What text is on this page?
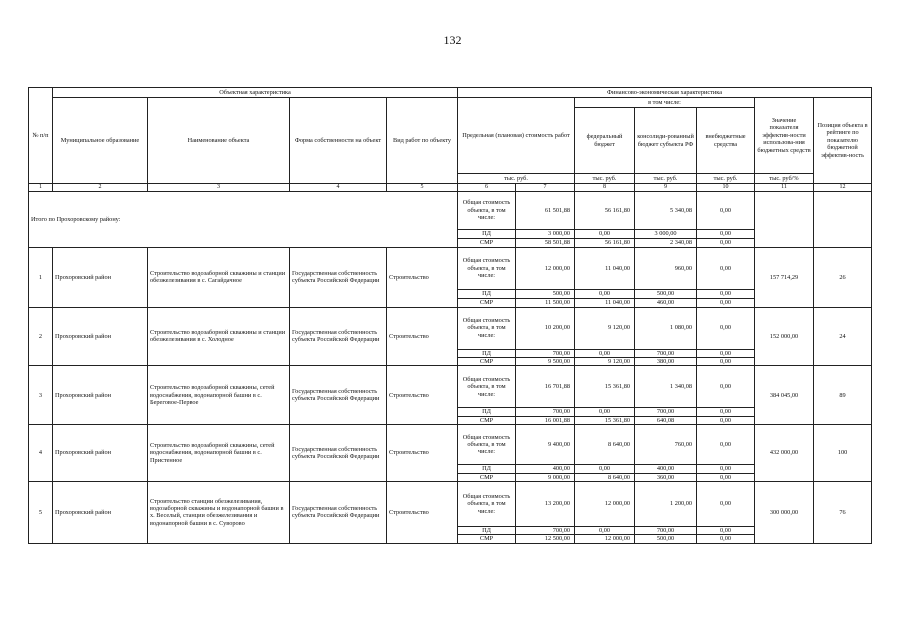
132
№ п/п	Объектная характеристика				Финансово-экономическая характеристика						
	Муниципальное образование	Наименование объекта	Форма собственности на объект	Вид работ по объекту	Предельная (плановая) стоимость работ		в том числе:			Значение показателя эффектив-ности использова-ния бюджетных средств	Позиция объекта в рейтинге по показателю бюджетной эффектив-ность
							федеральный бюджет	консолиди-рованный бюджет субъекта РФ	внебюджетные средства		
					тыс. руб.		тыс. руб.	тыс. руб.	тыс. руб.	тыс. руб/%	
1	2	3	4	5	6	7	8	9	10	11	12
Итого по Прохоровскому району:					Общая стоимость объекта, в том числе:	61 501,88	56 161,80	5 340,08	0,00		
					ПД	3 000,00	0,00	3 000,00	0,00		
					СМР	58 501,88	56 161,80	2 340,08	0,00		
1	Прохоровский район	Строительство водозаборной скважины и станции обезжелезивания в с. Сагайдачное	Государственная собственность субъекта Российской Федерации	Строительство	Общая стоимость объекта, в том числе:	12 000,00	11 040,00	960,00	0,00	157 714,29	26
					ПД	500,00	0,00	500,00	0,00		
					СМР	11 500,00	11 040,00	460,00	0,00		
2	Прохоровский район	Строительство водозаборной скважины и станции обезжелезивания в с. Холодное	Государственная собственность субъекта Российской Федерации	Строительство	Общая стоимость объекта, в том числе:	10 200,00	9 120,00	1 080,00	0,00	152 000,00	24
					ПД	700,00	0,00	700,00	0,00		
					СМР	9 500,00	9 120,00	380,00	0,00		
3	Прохоровский район	Строительство водозаборной скважины, сетей водоснабжения, водонапорной башни в с. Береговое-Первое	Государственная собственность субъекта Российской Федерации	Строительство	Общая стоимость объекта, в том числе:	16 701,88	15 361,80	1 340,08	0,00	384 045,00	89
					ПД	700,00	0,00	700,00	0,00		
					СМР	16 001,88	15 361,80	640,08	0,00		
4	Прохоровский район	Строительство водозаборной скважины, сетей водоснабжения, водонапорной башни в с. Пристенное	Государственная собственность субъекта Российской Федерации	Строительство	Общая стоимость объекта, в том числе:	9 400,00	8 640,00	760,00	0,00	432 000,00	100
					ПД	400,00	0,00	400,00	0,00		
					СМР	9 000,00	8 640,00	360,00	0,00		
5	Прохоровский район	Строительство станции обезжелезивания, водозаборной скважины и водонапорной башни в х. Веселый, станции обезжелезивания и водонапорной башни в с. Суворово	Государственная собственность субъекта Российской Федерации	Строительство	Общая стоимость объекта, в том числе:	13 200,00	12 000,00	1 200,00	0,00	300 000,00	76
					ПД	700,00	0,00	700,00	0,00		
					СМР	12 500,00	12 000,00	500,00	0,00		
